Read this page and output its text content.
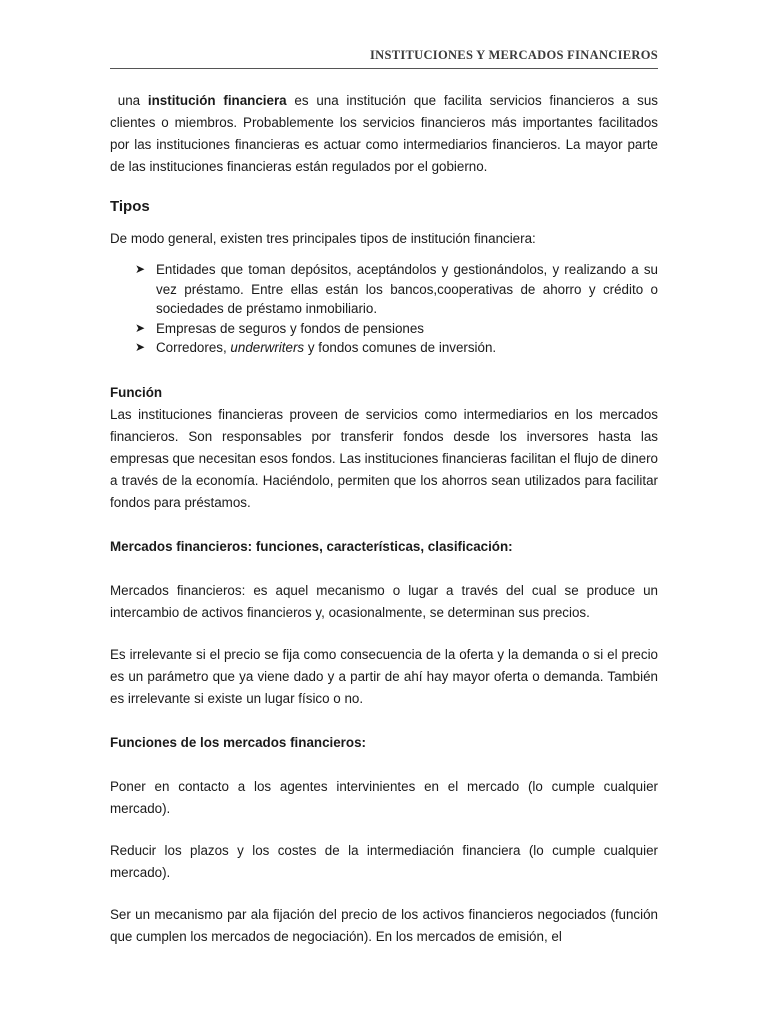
INSTITUCIONES Y MERCADOS FINANCIEROS

una institución financiera es una institución que facilita servicios financieros a sus clientes o miembros. Probablemente los servicios financieros más importantes facilitados por las instituciones financieras es actuar como intermediarios financieros. La mayor parte de las instituciones financieras están regulados por el gobierno.

Tipos

De modo general, existen tres principales tipos de institución financiera:

➤ Entidades que toman depósitos, aceptándolos y gestionándolos, y realizando a su vez préstamo. Entre ellas están los bancos,cooperativas de ahorro y crédito o sociedades de préstamo inmobiliario.
➤ Empresas de seguros y fondos de pensiones
➤ Corredores, underwriters y fondos comunes de inversión.
Función

Las instituciones financieras proveen de servicios como intermediarios en los mercados financieros. Son responsables por transferir fondos desde los inversores hasta las empresas que necesitan esos fondos. Las instituciones financieras facilitan el flujo de dinero a través de la economía. Haciéndolo, permiten que los ahorros sean utilizados para facilitar fondos para préstamos.

Mercados financieros: funciones, características, clasificación:

Mercados financieros: es aquel mecanismo o lugar a través del cual se produce un intercambio de activos financieros y, ocasionalmente, se determinan sus precios.

Es irrelevante si el precio se fija como consecuencia de la oferta y la demanda o si el precio es un parámetro que ya viene dado y a partir de ahí hay mayor oferta o demanda. También es irrelevante si existe un lugar físico o no.

Funciones de los mercados financieros:

Poner en contacto a los agentes intervinientes en el mercado (lo cumple cualquier mercado).

Reducir los plazos y los costes de la intermediación financiera (lo cumple cualquier mercado).

Ser un mecanismo par ala fijación del precio de los activos financieros negociados (función que cumplen los mercados de negociación). En los mercados de emisión, el
